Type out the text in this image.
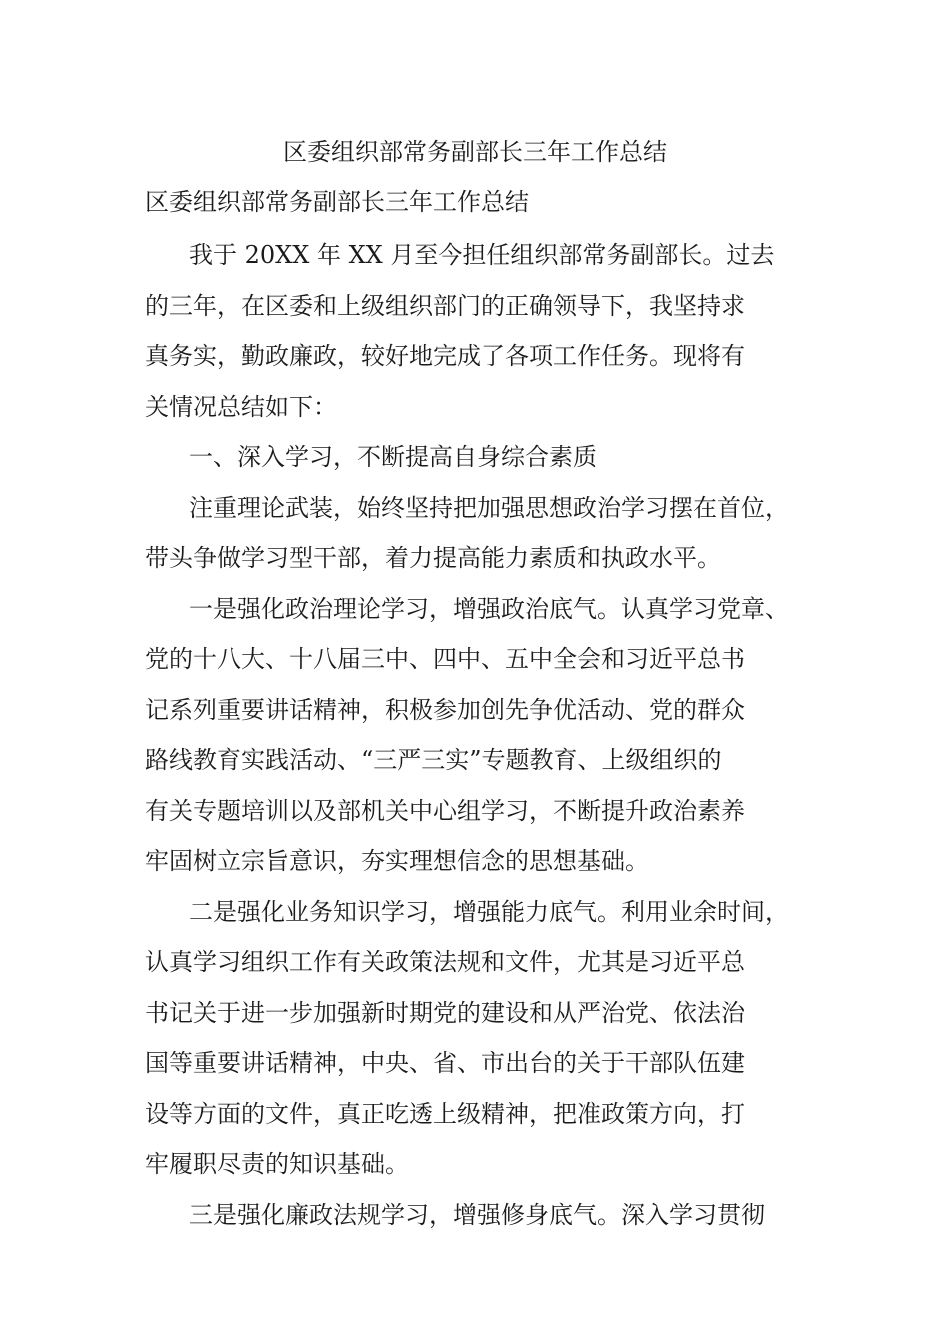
区委组织部常务副部长三年工作总结
区委组织部常务副部长三年工作总结
我于 20XX 年 XX 月至今担任组织部常务副部长。过去
的三年，在区委和上级组织部门的正确领导下，我坚持求
真务实，勤政廉政，较好地完成了各项工作任务。现将有
关情况总结如下：
一、深入学习，不断提高自身综合素质
注重理论武装，始终坚持把加强思想政治学习摆在首位，
带头争做学习型干部，着力提高能力素质和执政水平。
一是强化政治理论学习，增强政治底气。认真学习党章、
党的十八大、十八届三中、四中、五中全会和习近平总书
记系列重要讲话精神，积极参加创先争优活动、党的群众
路线教育实践活动、“三严三实”专题教育、上级组织的
有关专题培训以及部机关中心组学习，不断提升政治素养
牢固树立宗旨意识，夯实理想信念的思想基础。
二是强化业务知识学习，增强能力底气。利用业余时间，
认真学习组织工作有关政策法规和文件，尤其是习近平总
书记关于进一步加强新时期党的建设和从严治党、依法治
国等重要讲话精神，中央、省、市出台的关于干部队伍建
设等方面的文件，真正吃透上级精神，把准政策方向，打
牢履职尽责的知识基础。
三是强化廉政法规学习，增强修身底气。深入学习贯彻
